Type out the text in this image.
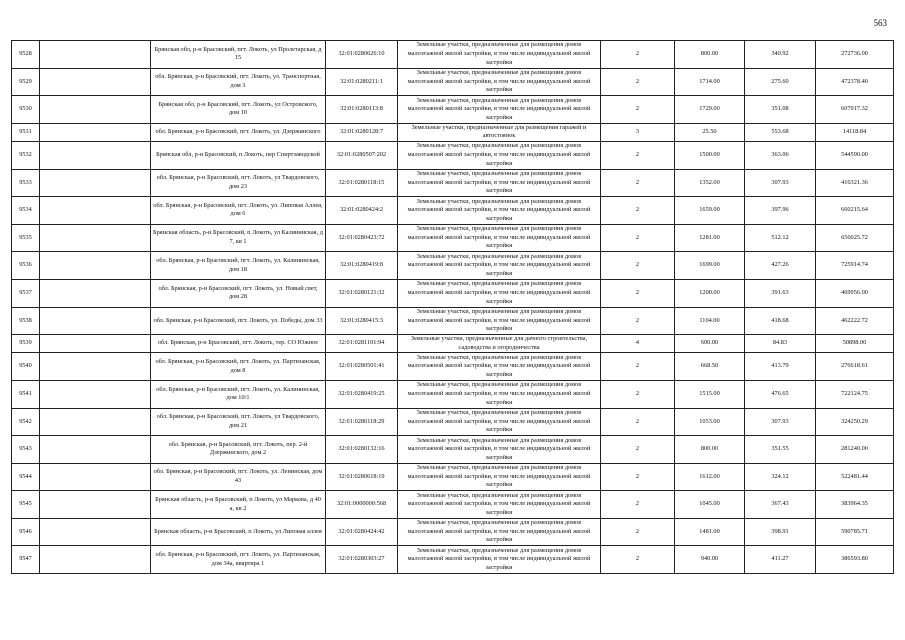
563
9528			Брянская обл, р-н Брасовский, пгт. Локоть, ул Пролетарская, д 15	32:01:0280626:10	Земельные участки, предназначенные для размещения домов малоэтажной жилой застройки, в том числе индивидуальной жилой застройки	2	800.00	340.92	272736.00
9529			обл. Брянская, р-н Брасовский, пгт. Локоть, ул. Транспортная, дом 3	32:01:0280211:1	Земельные участки, предназначенные для размещения домов малоэтажной жилой застройки, в том числе индивидуальной жилой застройки	2	1714.00	275.60	472378.40
9530			Брянская обл, р-н Брасовский, пгт. Локоть, ул Островского, дом 10	32:01:0280113:8	Земельные участки, предназначенные для размещения домов малоэтажной жилой застройки, в том числе индивидуальной жилой застройки	2	1729.00	351.08	607017.32
9531			обл. Брянская, р-н Брасовский, пгт. Локоть, ул. Дзержинского	32:01:0280128:7	Земельные участки, предназначенные для размещения гаражей и автостоянок	3	25.50	553.68	14118.84
9532			Брянская обл, р-н Брасовский, п Локоть, пер Спиртзаводской	32:01:0280507:202	Земельные участки, предназначенные для размещения домов малоэтажной жилой застройки, в том числе индивидуальной жилой застройки	2	1500.00	363.06	544590.00
9533			обл. Брянская, р-н Брасовский, пгт. Локоть, ул Твардовского, дом 23	32:01:0280118:15	Земельные участки, предназначенные для размещения домов малоэтажной жилой застройки, в том числе индивидуальной жилой застройки	2	1352.00	307.93	416321.36
9534			обл. Брянская, р-н Брасовский, пгт. Локоть, ул. Липовая Аллея, дом 6	32:01:0280424:2	Земельные участки, предназначенные для размещения домов малоэтажной жилой застройки, в том числе индивидуальной жилой застройки	2	1659.00	397.96	660215.64
9535			Брянская область, р-н Брасовский, п Локоть, ул Калининская, д 7, кв 1	32:01:0280423:72	Земельные участки, предназначенные для размещения домов малоэтажной жилой застройки, в том числе индивидуальной жилой застройки	2	1281.00	512.12	656025.72
9536			обл. Брянская, р-н Брасовский, пгт. Локоть, ул. Калининская, дом 18	32:01:0280419:8	Земельные участки, предназначенные для размещения домов малоэтажной жилой застройки, в том числе индивидуальной жилой застройки	2	1699.00	427.26	725914.74
9537			обл. Брянская, р-н Брасовский, пгт. Локоть, ул. Новый свет, дом 28	32:01:0280121:32	Земельные участки, предназначенные для размещения домов малоэтажной жилой застройки, в том числе индивидуальной жилой застройки	2	1200.00	391.63	469956.00
9538			обл. Брянская, р-н Брасовский, пгт. Локоть, ул. Победы, дом 33	32:01:0280415:3	Земельные участки, предназначенные для размещения домов малоэтажной жилой застройки, в том числе индивидуальной жилой застройки	2	1104.00	418.68	462222.72
9539			обл. Брянская, р-н Брасовский, пгт. Локоть, тер. СО Южное	32:01:0281101:94	Земельные участки, предназначенные для дачного строительства, садоводства и огородничества	4	600.00	84.83	50898.00
9540			обл. Брянская, р-н Брасовский, пгт. Локоть, ул. Партизанская, дом 8	32:01:0280501:41	Земельные участки, предназначенные для размещения домов малоэтажной жилой застройки, в том числе индивидуальной жилой застройки	2	668.50	413.79	276618.61
9541			обл. Брянская, р-н Брасовский, пгт. Локоть, ул. Калининская, дом 10/1	32:01:0280419:25	Земельные участки, предназначенные для размещения домов малоэтажной жилой застройки, в том числе индивидуальной жилой застройки	2	1515.00	476.65	722124.75
9542			обл. Брянская, р-н Брасовский, пгт. Локоть, ул Твардовского, дом 21	32:01:0280118:29	Земельные участки, предназначенные для размещения домов малоэтажной жилой застройки, в том числе индивидуальной жилой застройки	2	1053.00	307.93	324250.29
9543			обл. Брянская, р-н Брасовский, пгт. Локоть, пер. 2-й Дзержинского, дом 2	32:01:0280132:16	Земельные участки, предназначенные для размещения домов малоэтажной жилой застройки, в том числе индивидуальной жилой застройки	2	800.00	351.55	281240.00
9544			обл. Брянская, р-н Брасовский, пгт. Локоть, ул. Ленинская, дом 43	32:01:0280618:19	Земельные участки, предназначенные для размещения домов малоэтажной жилой застройки, в том числе индивидуальной жилой застройки	2	1612.00	324.12	522481.44
9545			Брянская область, р-н Брасовский, п Локоть, ул Маркова, д 40 а, кв 2	32:01:0000000:568	Земельные участки, предназначенные для размещения домов малоэтажной жилой застройки, в том числе индивидуальной жилой застройки	2	1045.00	367.43	383964.35
9546			Брянская область, р-н Брасовский, п Локоть, ул Липовая аллея	32:01:0280424:42	Земельные участки, предназначенные для размещения домов малоэтажной жилой застройки, в том числе индивидуальной жилой застройки	2	1481.00	398.91	590785.71
9547			обл. Брянская, р-н Брасовский, пгт. Локоть, ул. Партизанская, дом 34а, квартира 1	32:01:0280303:27	Земельные участки, предназначенные для размещения домов малоэтажной жилой застройки, в том числе индивидуальной жилой застройки	2	940.00	411.27	386593.80
